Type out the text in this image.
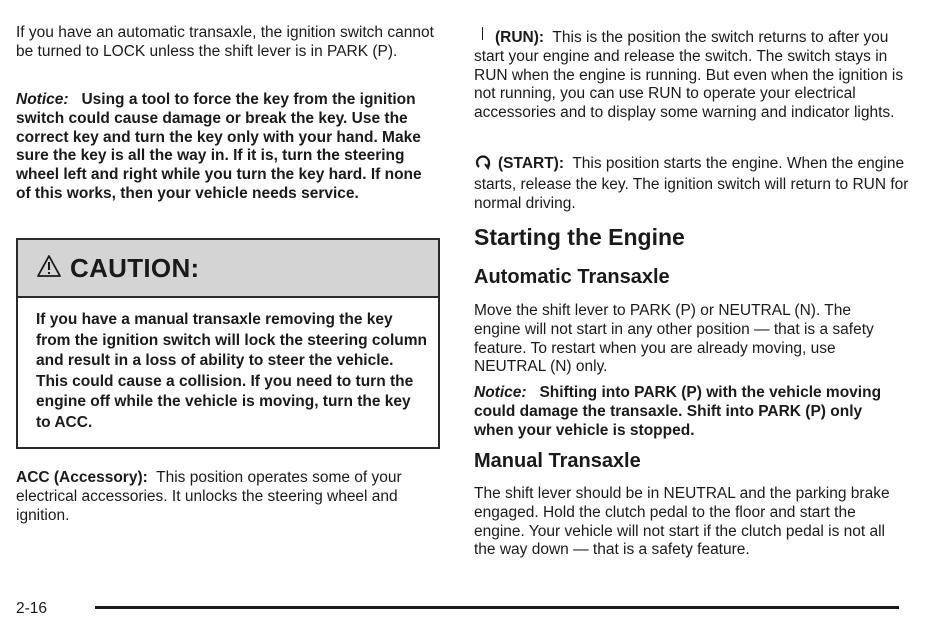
If you have an automatic transaxle, the ignition switch cannot be turned to LOCK unless the shift lever is in PARK (P).

Notice: Using a tool to force the key from the ignition switch could cause damage or break the key. Use the correct key and turn the key only with your hand. Make sure the key is all the way in. If it is, turn the steering wheel left and right while you turn the key hard. If none of this works, then your vehicle needs service.

CAUTION:

If you have a manual transaxle removing the key from the ignition switch will lock the steering column and result in a loss of ability to steer the vehicle. This could cause a collision. If you need to turn the engine off while the vehicle is moving, turn the key to ACC.

ACC (Accessory): This position operates some of your electrical accessories. It unlocks the steering wheel and ignition.

(RUN): This is the position the switch returns to after you start your engine and release the switch. The switch stays in RUN when the engine is running. But even when the ignition is not running, you can use RUN to operate your electrical accessories and to display some warning and indicator lights.

(START): This position starts the engine. When the engine starts, release the key. The ignition switch will return to RUN for normal driving.

Starting the Engine
Automatic Transaxle

Move the shift lever to PARK (P) or NEUTRAL (N). The engine will not start in any other position — that is a safety feature. To restart when you are already moving, use NEUTRAL (N) only.

Notice: Shifting into PARK (P) with the vehicle moving could damage the transaxle. Shift into PARK (P) only when your vehicle is stopped.

Manual Transaxle

The shift lever should be in NEUTRAL and the parking brake engaged. Hold the clutch pedal to the floor and start the engine. Your vehicle will not start if the clutch pedal is not all the way down — that is a safety feature.

2-16
